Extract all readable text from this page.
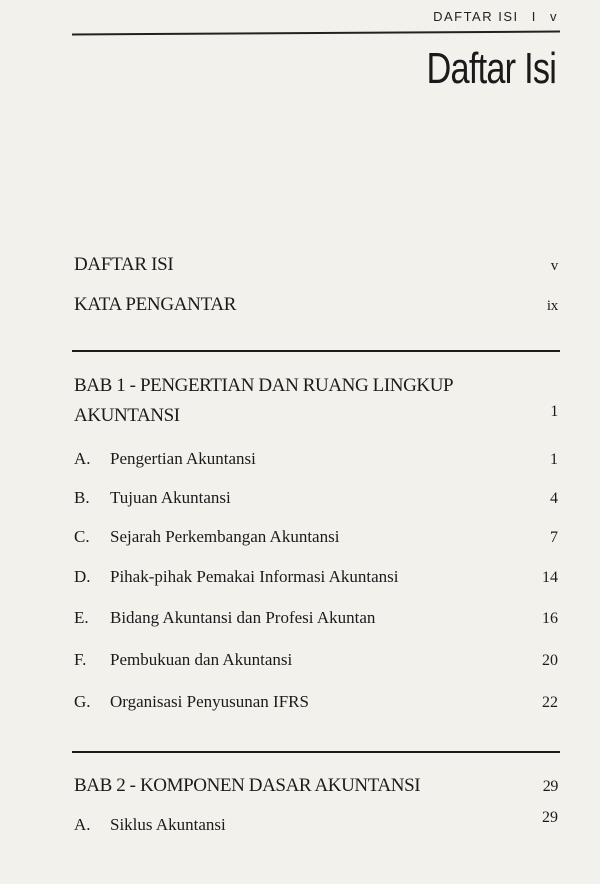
DAFTAR ISI I v
Daftar Isi
DAFTAR ISI	v
KATA PENGANTAR	ix
BAB 1 - PENGERTIAN DAN RUANG LINGKUP
AKUNTANSI	1
A. Pengertian Akuntansi	1
B. Tujuan Akuntansi	4
C. Sejarah Perkembangan Akuntansi	7
D. Pihak-pihak Pemakai Informasi Akuntansi	14
E. Bidang Akuntansi dan Profesi Akuntan	16
F. Pembukuan dan Akuntansi	20
G. Organisasi Penyusunan IFRS	22
BAB 2 - KOMPONEN DASAR AKUNTANSI	29
A. Siklus Akuntansi	29
